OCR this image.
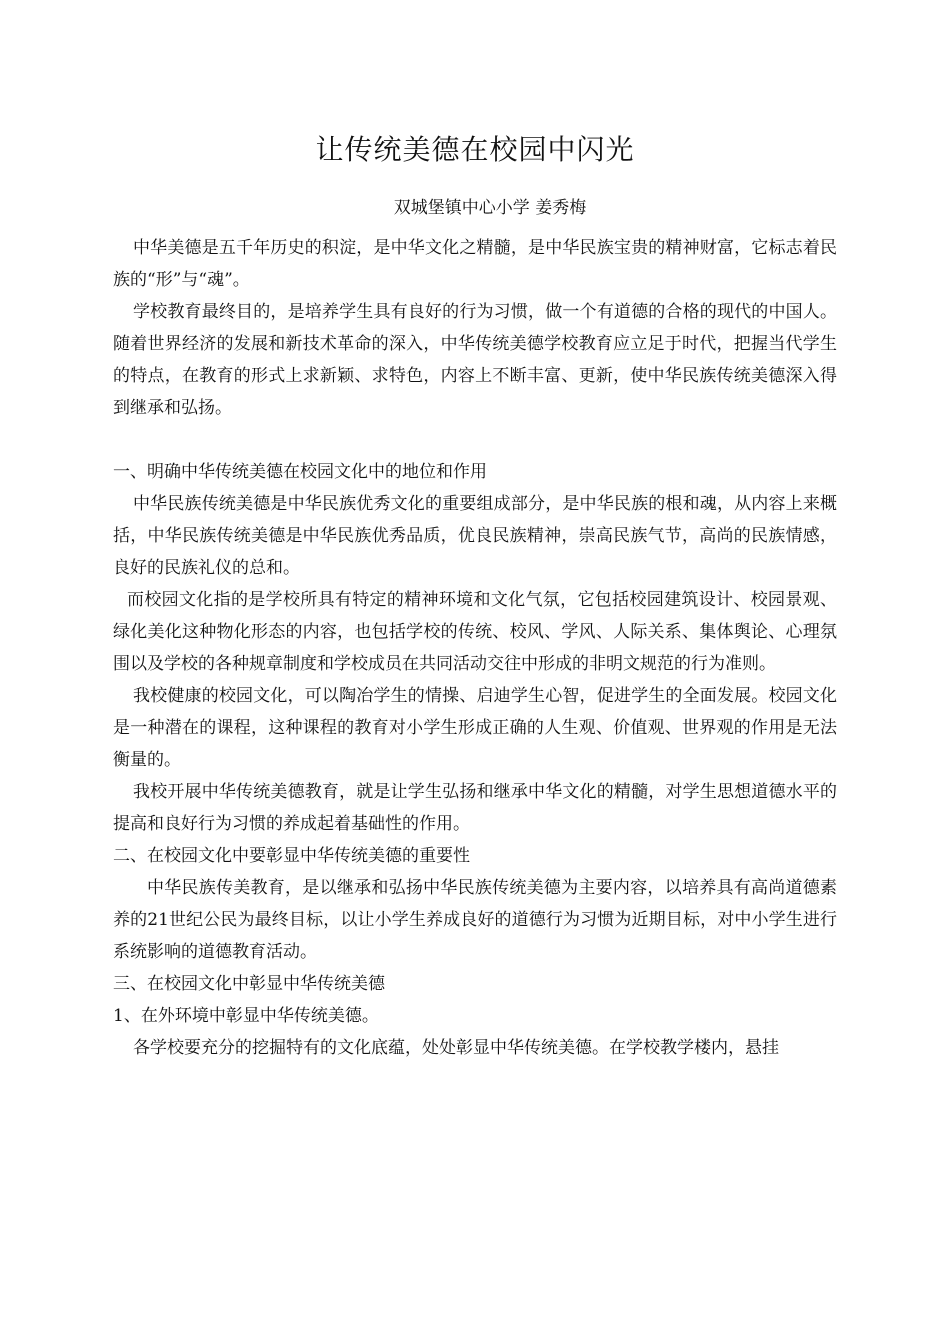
让传统美德在校园中闪光
双城堡镇中心小学 姜秀梅

中华美德是五千年历史的积淀，是中华文化之精髓，是中华民族宝贵的精神财富，它标志着民族的“形”与“魂”。

学校教育最终目的，是培养学生具有良好的行为习惯，做一个有道德的合格的现代的中国人。随着世界经济的发展和新技术革命的深入，中华传统美德学校教育应立足于时代，把握当代学生的特点，在教育的形式上求新颖、求特色，内容上不断丰富、更新，使中华民族传统美德深入得到继承和弘扬。

一、明确中华传统美德在校园文化中的地位和作用

中华民族传统美德是中华民族优秀文化的重要组成部分，是中华民族的根和魂，从内容上来概括，中华民族传统美德是中华民族优秀品质，优良民族精神，崇高民族气节，高尚的民族情感，良好的民族礼仪的总和。

而校园文化指的是学校所具有特定的精神环境和文化气氛，它包括校园建筑设计、校园景观、绿化美化这种物化形态的内容，也包括学校的传统、校风、学风、人际关系、集体舆论、心理氛围以及学校的各种规章制度和学校成员在共同活动交往中形成的非明文规范的行为准则。

我校健康的校园文化，可以陶冶学生的情操、启迪学生心智，促进学生的全面发展。校园文化是一种潜在的课程，这种课程的教育对小学生形成正确的人生观、价值观、世界观的作用是无法衡量的。

我校开展中华传统美德教育，就是让学生弘扬和继承中华文化的精髓，对学生思想道德水平的提高和良好行为习惯的养成起着基础性的作用。

二、在校园文化中要彰显中华传统美德的重要性

中华民族传美教育，是以继承和弘扬中华民族传统美德为主要内容，以培养具有高尚道德素养的21世纪公民为最终目标，以让小学生养成良好的道德行为习惯为近期目标，对中小学生进行系统影响的道德教育活动。

三、在校园文化中彰显中华传统美德

1、在外环境中彰显中华传统美德。

各学校要充分的挖掘特有的文化底蕴，处处彰显中华传统美德。在学校教学楼内，悬挂
